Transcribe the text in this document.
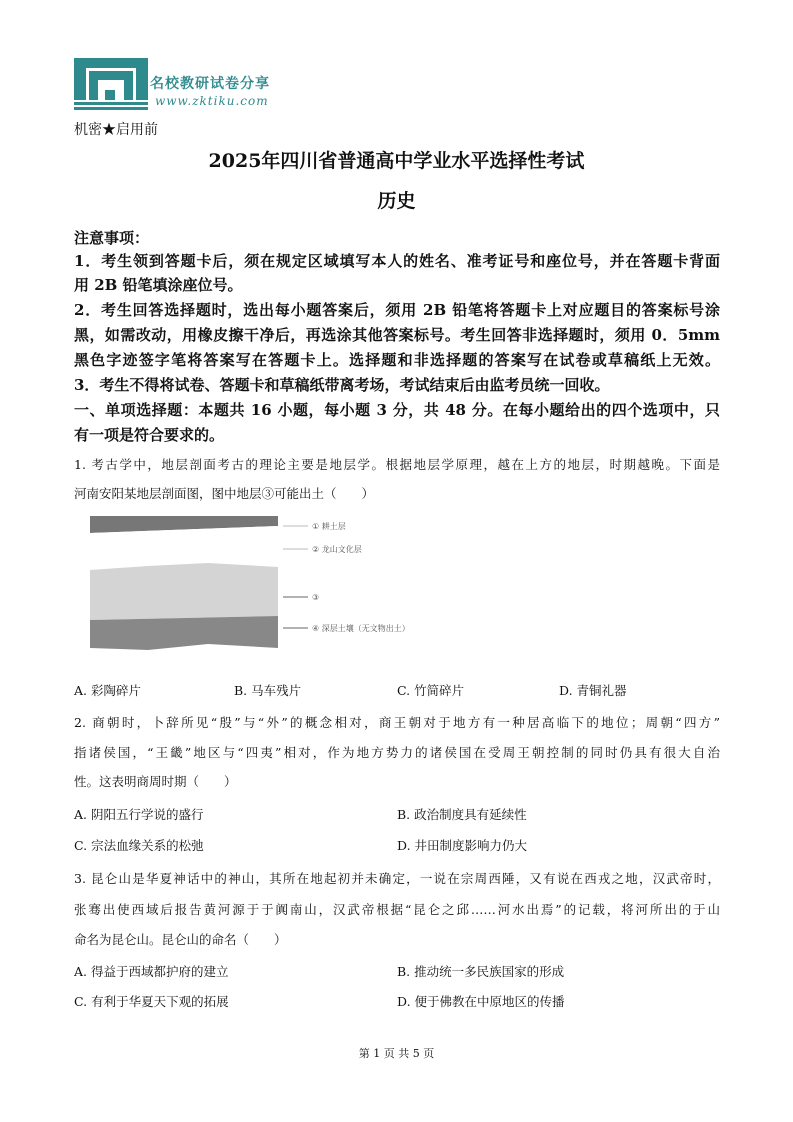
名校教研试卷分享
www.zktiku.com
机密★启用前
2025年四川省普通高中学业水平选择性考试
历史
注意事项：
1．考生领到答题卡后，须在规定区域填写本人的姓名、准考证号和座位号，并在答题卡背面
用 2B 铅笔填涂座位号。
2．考生回答选择题时，选出每小题答案后，须用 2B 铅笔将答题卡上对应题目的答案标号涂
黑，如需改动，用橡皮擦干净后，再选涂其他答案标号。考生回答非选择题时，须用 0．5mm
黑色字迹签字笔将答案写在答题卡上。选择题和非选择题的答案写在试卷或草稿纸上无效。
3．考生不得将试卷、答题卡和草稿纸带离考场，考试结束后由监考员统一回收。
一、单项选择题：本题共 16 小题，每小题 3 分，共 48 分。在每小题给出的四个选项中，只
有一项是符合要求的。
1. 考古学中，地层剖面考古的理论主要是地层学。根据地层学原理，越在上方的地层，时期越晚。下面是
河南安阳某地层剖面图，图中地层③可能出土（　　）
① 耕土层
② 龙山文化层
③
④ 深层土壤（无文物出土）
A. 彩陶碎片	B. 马车残片	C. 竹简碎片	D. 青铜礼器
2. 商朝时，卜辞所见“殷”与“外”的概念相对，商王朝对于地方有一种居高临下的地位；周朝“四方”
指诸侯国，“王畿”地区与“四夷”相对，作为地方势力的诸侯国在受周王朝控制的同时仍具有很大自治
性。这表明商周时期（　　）
A. 阴阳五行学说的盛行	B. 政治制度具有延续性
C. 宗法血缘关系的松弛	D. 井田制度影响力仍大
3. 昆仑山是华夏神话中的神山，其所在地起初并未确定，一说在宗周西陲，又有说在西戎之地，汉武帝时，
张骞出使西域后报告黄河源于于阗南山，汉武帝根据“昆仑之邱……河水出焉”的记载，将河所出的于山
命名为昆仑山。昆仑山的命名（　　）
A. 得益于西域都护府的建立	B. 推动统一多民族国家的形成
C. 有利于华夏天下观的拓展	D. 便于佛教在中原地区的传播
第 1 页 共 5 页
